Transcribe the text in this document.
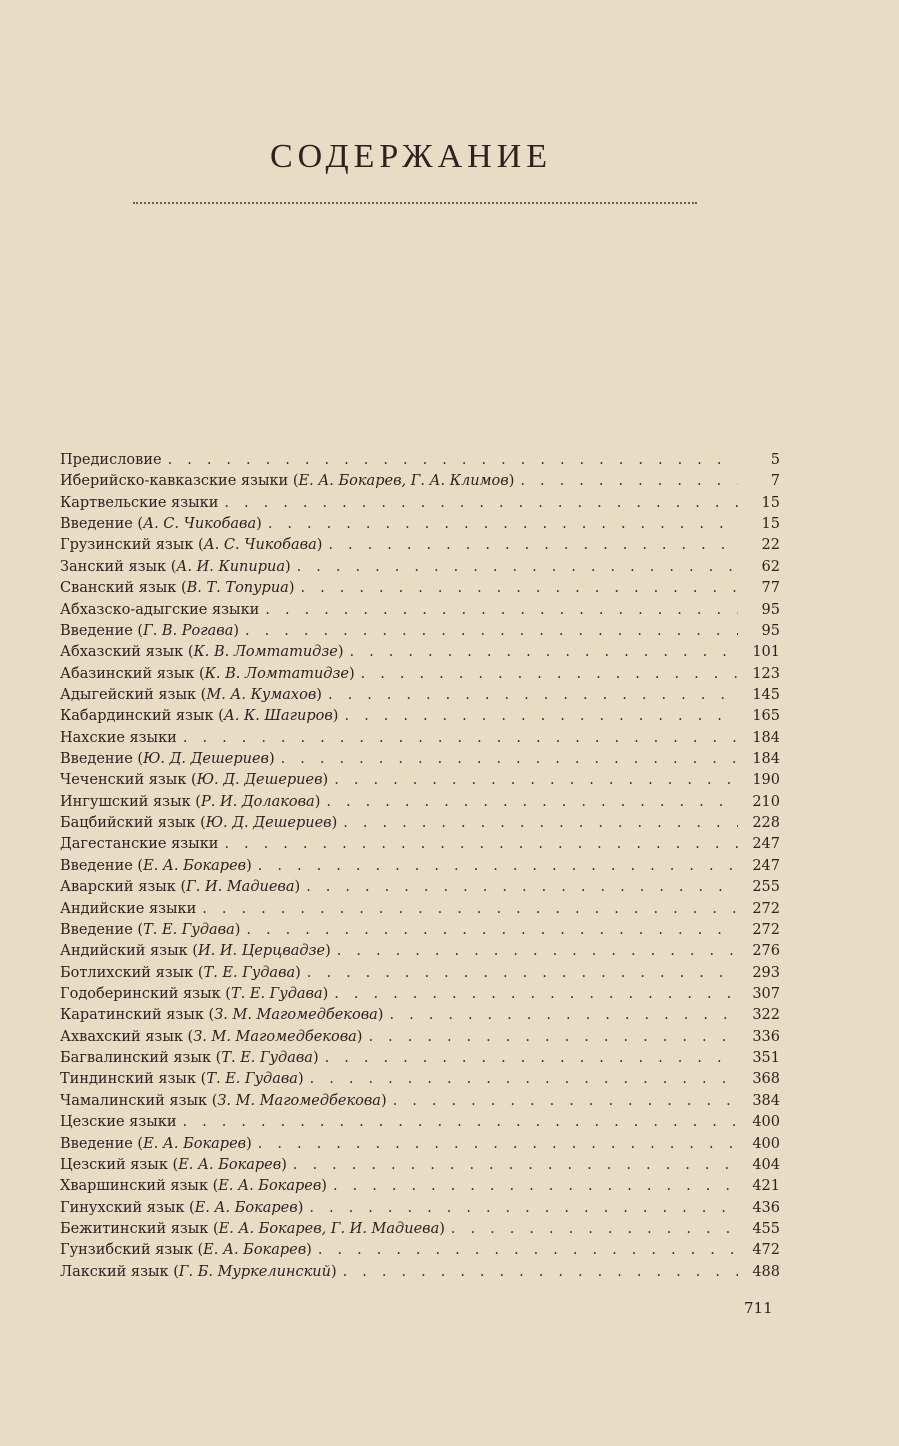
СОДЕРЖАНИЕ
Предисловие . . .	5
Иберийско-кавказские языки (Е. А. Бокарев, Г. А. Климов) . . .	7
Картвельские языки . . .	15
Введение (А. С. Чикобава) . . .	15
Грузинский язык (А. С. Чикобава) . . .	22
Занский язык (А. И. Кипириа) . . .	62
Сванский язык (В. Т. Топуриа) . . .	77
Абхазско-адыгские языки . . .	95
Введение (Г. В. Рогава) . . .	95
Абхазский язык (К. В. Ломтатидзе) . . .	101
Абазинский язык (К. В. Ломтатидзе) . . .	123
Адыгейский язык (М. А. Кумахов) . . .	145
Кабардинский язык (А. К. Шагиров) . . .	165
Нахские языки . . .	184
Введение (Ю. Д. Дешериев) . . .	184
Чеченский язык (Ю. Д. Дешериев) . . .	190
Ингушский язык (Р. И. Долакова) . . .	210
Бацбийский язык (Ю. Д. Дешериев) . . .	228
Дагестанские языки . . .	247
Введение (Е. А. Бокарев) . . .	247
Аварский язык (Г. И. Мадиева) . . .	255
Андийские языки . . .	272
Введение (Т. Е. Гудава) . . .	272
Андийский язык (И. И. Церцвадзе) . . .	276
Ботлихский язык (Т. Е. Гудава) . . .	293
Годоберинский язык (Т. Е. Гудава) . . .	307
Каратинский язык (З. М. Магомедбекова) . . .	322
Ахвахский язык (З. М. Магомедбекова) . . .	336
Багвалинский язык (Т. Е. Гудава) . . .	351
Тиндинский язык (Т. Е. Гудава) . . .	368
Чамалинский язык (З. М. Магомедбекова) . . .	384
Цезские языки . . .	400
Введение (Е. А. Бокарев) . . .	400
Цезский язык (Е. А. Бокарев) . . .	404
Хваршинский язык (Е. А. Бокарев) . . .	421
Гинухский язык (Е. А. Бокарев) . . .	436
Бежитинский язык (Е. А. Бокарев, Г. И. Мадиева) . . .	455
Гунзибский язык (Е. А. Бокарев) . . .	472
Лакский язык (Г. Б. Муркелинский) . . .	488
711
